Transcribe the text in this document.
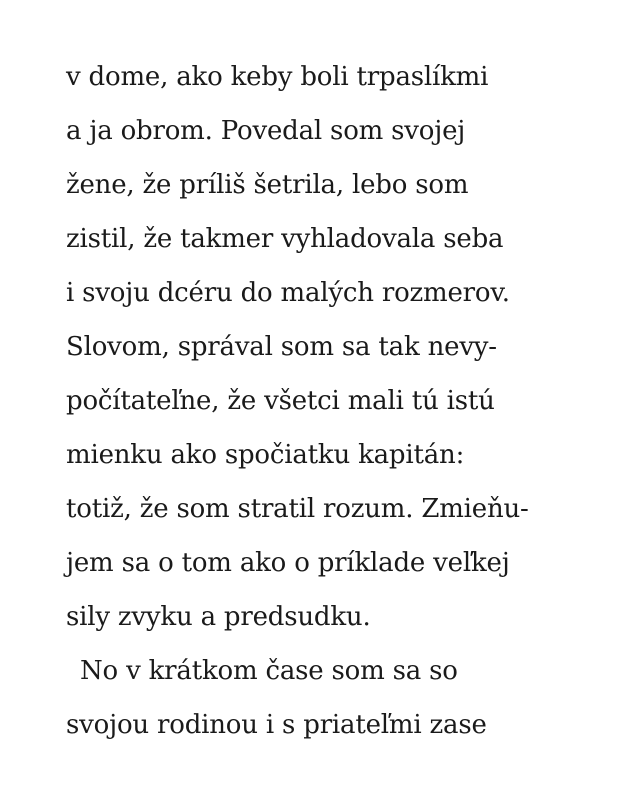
v dome, ako keby boli trpaslíkmi
a ja obrom. Povedal som svojej
žene, že príliš šetrila, lebo som
zistil, že takmer vyhladovala seba
i svoju dcéru do malých rozmerov.
Slovom, správal som sa tak nevy-
počítateľne, že všetci mali tú istú
mienku ako spočiatku kapitán:
totiž, že som stratil rozum. Zmieňu-
jem sa o tom ako o príklade veľkej
sily zvyku a predsudku.
No v krátkom čase som sa so
svojou rodinou i s priateľmi zase
